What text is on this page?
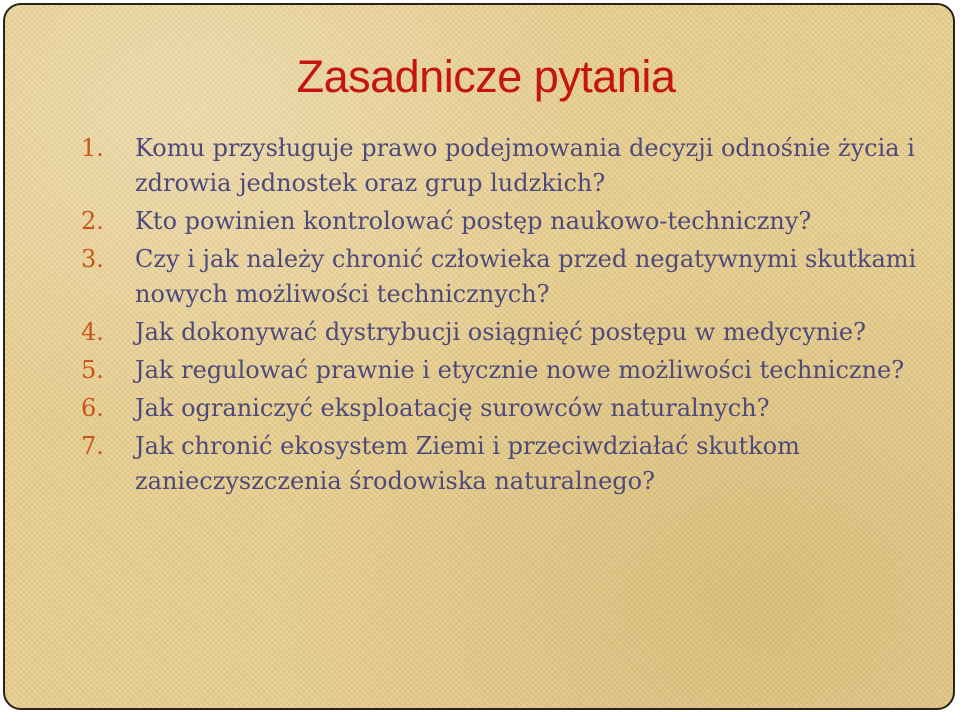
Zasadnicze pytania
1. Komu przysługuje prawo podejmowania decyzji odnośnie życia i zdrowia jednostek oraz grup ludzkich?
2. Kto powinien kontrolować postęp naukowo-techniczny?
3. Czy i jak należy chronić człowieka przed negatywnymi skutkami nowych możliwości technicznych?
4. Jak dokonywać dystrybucji osiągnięć postępu w medycynie?
5. Jak regulować prawnie i etycznie nowe możliwości techniczne?
6. Jak ograniczyć eksploatację surowców naturalnych?
7. Jak chronić ekosystem Ziemi i przeciwdziałać skutkom zanieczyszczenia środowiska naturalnego?
